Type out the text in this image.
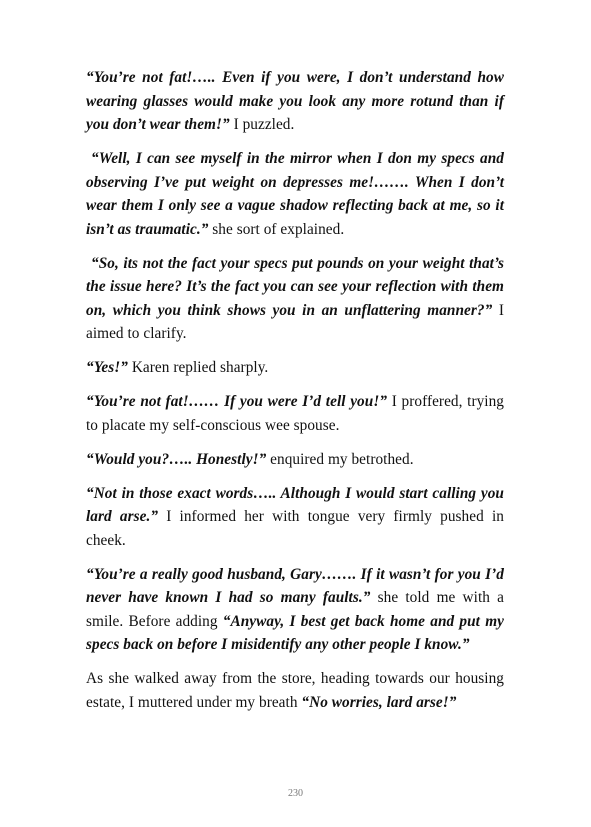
“You’re not fat!….. Even if you were, I don’t understand how wearing glasses would make you look any more rotund than if you don’t wear them!” I puzzled.

“Well, I can see myself in the mirror when I don my specs and observing I’ve put weight on depresses me!……. When I don’t wear them I only see a vague shadow reflecting back at me, so it isn’t as traumatic.” she sort of explained.

“So, its not the fact your specs put pounds on your weight that’s the issue here? It’s the fact you can see your reflection with them on, which you think shows you in an unflattering manner?” I aimed to clarify.

“Yes!” Karen replied sharply.

“You’re not fat!…… If you were I’d tell you!” I proffered, trying to placate my self-conscious wee spouse.

“Would you?….. Honestly!” enquired my betrothed.

“Not in those exact words….. Although I would start calling you lard arse.” I informed her with tongue very firmly pushed in cheek.

“You’re a really good husband, Gary……. If it wasn’t for you I’d never have known I had so many faults.” she told me with a smile. Before adding “Anyway, I best get back home and put my specs back on before I misidentify any other people I know.”

As she walked away from the store, heading towards our housing estate, I muttered under my breath “No worries, lard arse!”

230
